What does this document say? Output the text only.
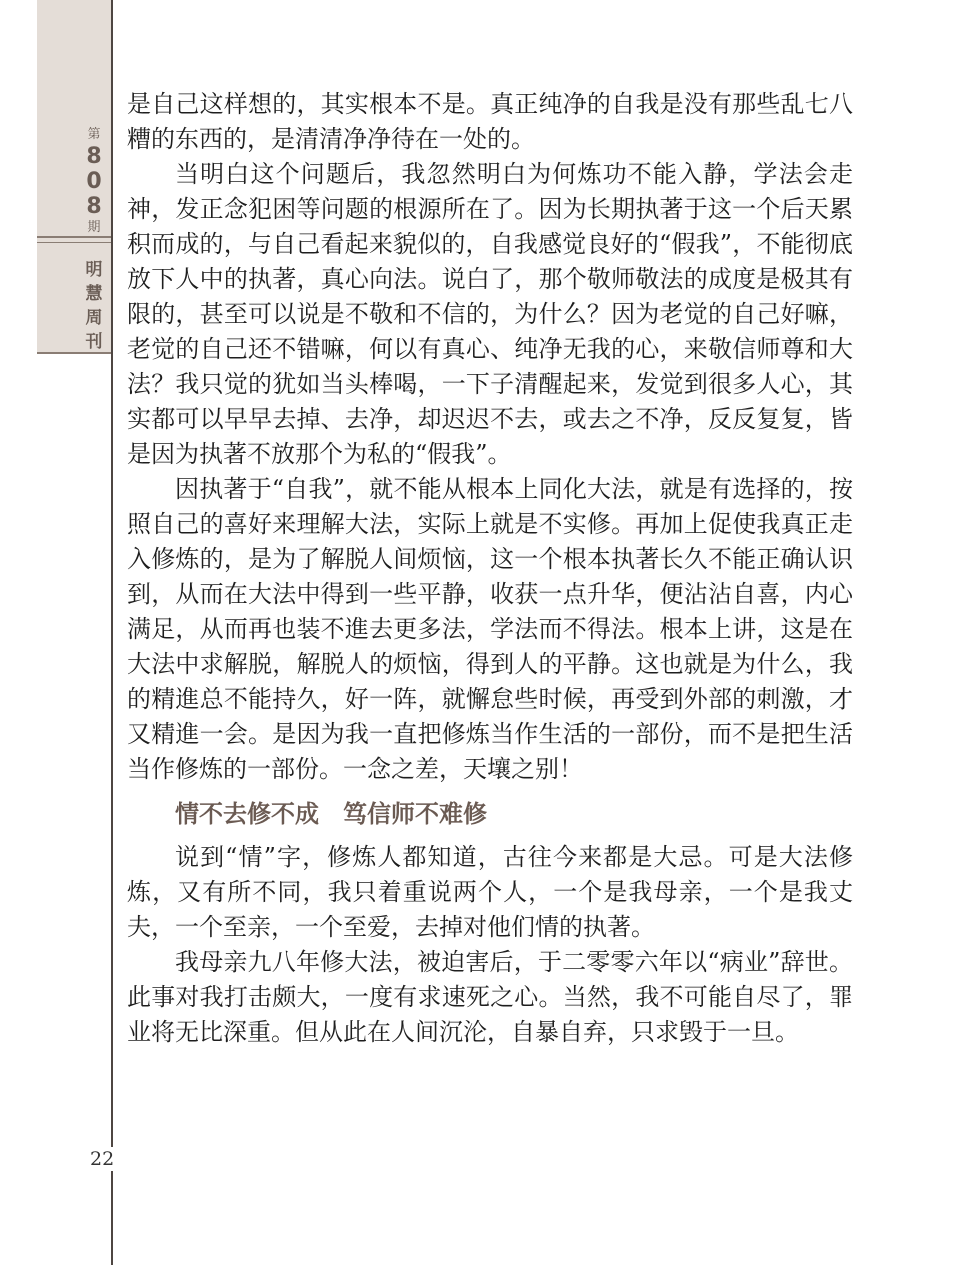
第
8
0
8
期
明
慧
周
刊
22

是自己这样想的，其实根本不是。真正纯净的自我是没有那些乱七八糟的东西的，是清清净净待在一处的。

当明白这个问题后，我忽然明白为何炼功不能入静，学法会走神，发正念犯困等问题的根源所在了。因为长期执著于这一个后天累积而成的，与自己看起来貌似的，自我感觉良好的“假我”，不能彻底放下人中的执著，真心向法。说白了，那个敬师敬法的成度是极其有限的，甚至可以说是不敬和不信的，为什么？因为老觉的自己好嘛，老觉的自己还不错嘛，何以有真心、纯净无我的心，来敬信师尊和大法？我只觉的犹如当头棒喝，一下子清醒起来，发觉到很多人心，其实都可以早早去掉、去净，却迟迟不去，或去之不净，反反复复，皆是因为执著不放那个为私的“假我”。

因执著于“自我”，就不能从根本上同化大法，就是有选择的，按照自己的喜好来理解大法，实际上就是不实修。再加上促使我真正走入修炼的，是为了解脱人间烦恼，这一个根本执著长久不能正确认识到，从而在大法中得到一些平静，收获一点升华，便沾沾自喜，内心满足，从而再也装不進去更多法，学法而不得法。根本上讲，这是在大法中求解脱，解脱人的烦恼，得到人的平静。这也就是为什么，我的精進总不能持久，好一阵，就懈怠些时候，再受到外部的刺激，才又精進一会。是因为我一直把修炼当作生活的一部份，而不是把生活当作修炼的一部份。一念之差，天壤之别！

情不去修不成 笃信师不难修

说到“情”字，修炼人都知道，古往今来都是大忌。可是大法修炼，又有所不同，我只着重说两个人，一个是我母亲，一个是我丈夫，一个至亲，一个至爱，去掉对他们情的执著。

我母亲九八年修大法，被迫害后，于二零零六年以“病业”辞世。此事对我打击颇大，一度有求速死之心。当然，我不可能自尽了，罪业将无比深重。但从此在人间沉沦，自暴自弃，只求毁于一旦。
